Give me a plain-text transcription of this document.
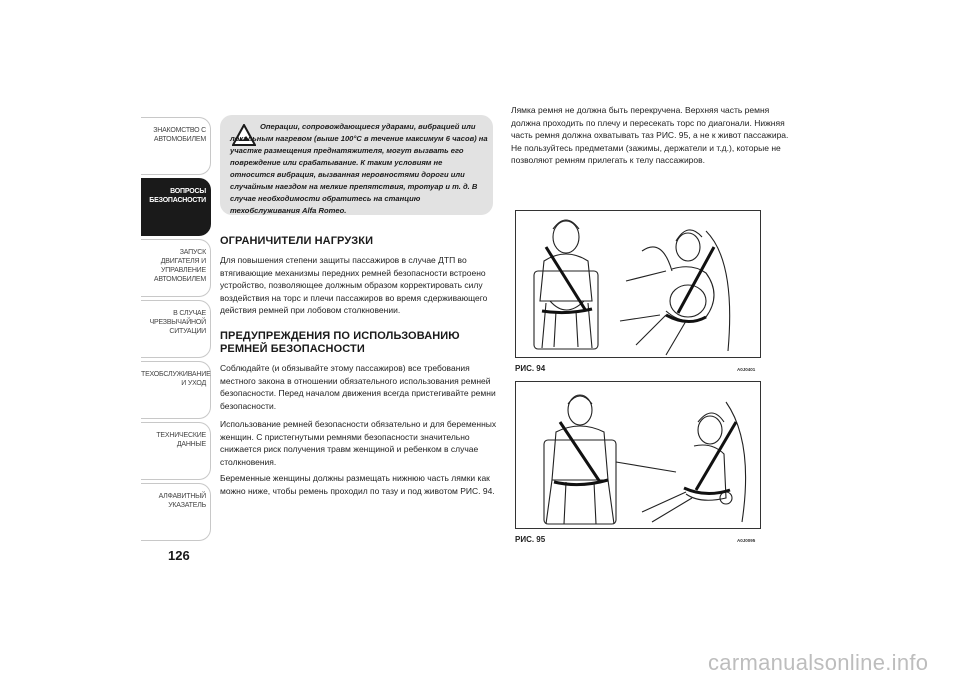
ЗНАКОМСТВО С АВТОМОБИЛЕМ
ВОПРОСЫ БЕЗОПАСНОСТИ
ЗАПУСК ДВИГАТЕЛЯ И УПРАВЛЕНИЕ АВТОМОБИЛЕМ
В СЛУЧАЕ ЧРЕЗВЫЧАЙНОЙ СИТУАЦИИ
ТЕХОБСЛУЖИВАНИЕ И УХОД
ТЕХНИЧЕСКИЕ ДАННЫЕ
АЛФАВИТНЫЙ УКАЗАТЕЛЬ
126
Операции, сопровождающиеся ударами, вибрацией или локальным нагревом (выше 100°C в течение максимум 6 часов) на участке размещения преднатяжителя, могут вызвать его повреждение или срабатывание. К таким условиям не относится вибрация, вызванная неровностями дороги или случайным наездом на мелкие препятствия, тротуар и т. д. В случае необходимости обратитесь на станцию техобслуживания Alfa Romeo.
ОГРАНИЧИТЕЛИ НАГРУЗКИ

Для повышения степени защиты пассажиров в случае ДТП во втягивающие механизмы передних ремней безопасности встроено устройство, позволяющее должным образом корректировать силу воздействия на торс и плечи пассажиров во время сдерживающего действия ремней при лобовом столкновении.

ПРЕДУПРЕЖДЕНИЯ ПО ИСПОЛЬЗОВАНИЮ РЕМНЕЙ БЕЗОПАСНОСТИ

Соблюдайте (и обязывайте этому пассажиров) все требования местного закона в отношении обязательного использования ремней безопасности. Перед началом движения всегда пристегивайте ремни безопасности.

Использование ремней безопасности обязательно и для беременных женщин. С пристегнутыми ремнями безопасности значительно снижается риск получения травм женщиной и ребенком в случае столкновения.

Беременные женщины должны размещать нижнюю часть лямки как можно ниже, чтобы ремень проходил по тазу и под животом РИС. 94.

Лямка ремня не должна быть перекручена. Верхняя часть ремня должна проходить по плечу и пересекать торс по диагонали. Нижняя часть ремня должна охватывать таз РИС. 95, а не к живот пассажира. Не пользуйтесь предметами (зажимы, держатели и т.д.), которые не позволяют ремням прилегать к телу пассажиров.

РИС. 94	A0J0401
РИС. 95	A0J0095
carmanualsonline.info
